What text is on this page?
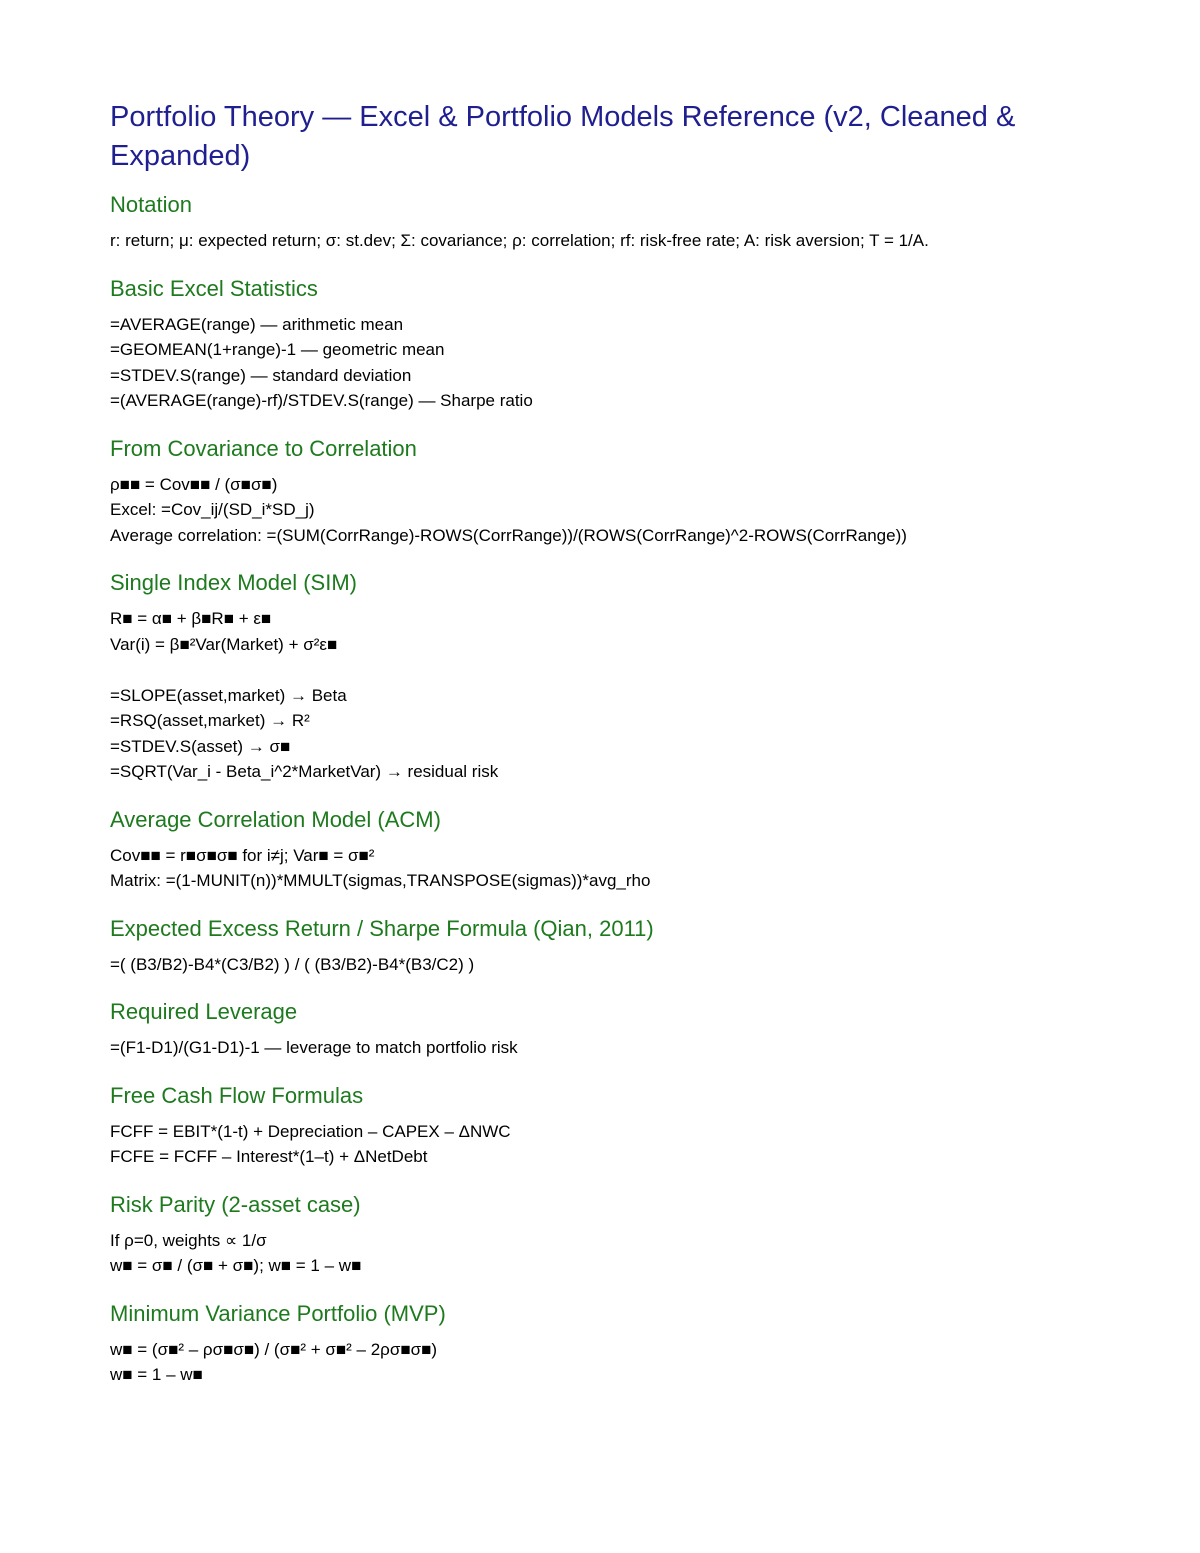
Portfolio Theory — Excel & Portfolio Models Reference (v2, Cleaned & Expanded)
Notation
r: return; μ: expected return; σ: st.dev; Σ: covariance; ρ: correlation; rf: risk-free rate; A: risk aversion; T = 1/A.
Basic Excel Statistics
=AVERAGE(range) — arithmetic mean
=GEOMEAN(1+range)-1 — geometric mean
=STDEV.S(range) — standard deviation
=(AVERAGE(range)-rf)/STDEV.S(range) — Sharpe ratio
From Covariance to Correlation
ρ■■ = Cov■■ / (σ■σ■)
Excel: =Cov_ij/(SD_i*SD_j)
Average correlation: =(SUM(CorrRange)-ROWS(CorrRange))/(ROWS(CorrRange)^2-ROWS(CorrRange))
Single Index Model (SIM)
R■ = α■ + β■R■ + ε■
Var(i) = β■²Var(Market) + σ²ε■
=SLOPE(asset,market) → Beta
=RSQ(asset,market) → R²
=STDEV.S(asset) → σ■
=SQRT(Var_i - Beta_i^2*MarketVar) → residual risk
Average Correlation Model (ACM)
Cov■■ = r■σ■σ■ for i≠j; Var■ = σ■²
Matrix: =(1-MUNIT(n))*MMULT(sigmas,TRANSPOSE(sigmas))*avg_rho
Expected Excess Return / Sharpe Formula (Qian, 2011)
=( (B3/B2)-B4*(C3/B2) ) / ( (B3/B2)-B4*(B3/C2) )
Required Leverage
=(F1-D1)/(G1-D1)-1 — leverage to match portfolio risk
Free Cash Flow Formulas
FCFF = EBIT*(1-t) + Depreciation – CAPEX – ΔNWC
FCFE = FCFF – Interest*(1–t) + ΔNetDebt
Risk Parity (2-asset case)
If ρ=0, weights ∝ 1/σ
w■ = σ■ / (σ■ + σ■); w■ = 1 – w■
Minimum Variance Portfolio (MVP)
w■ = (σ■² – ρσ■σ■) / (σ■² + σ■² – 2ρσ■σ■)
w■ = 1 – w■
